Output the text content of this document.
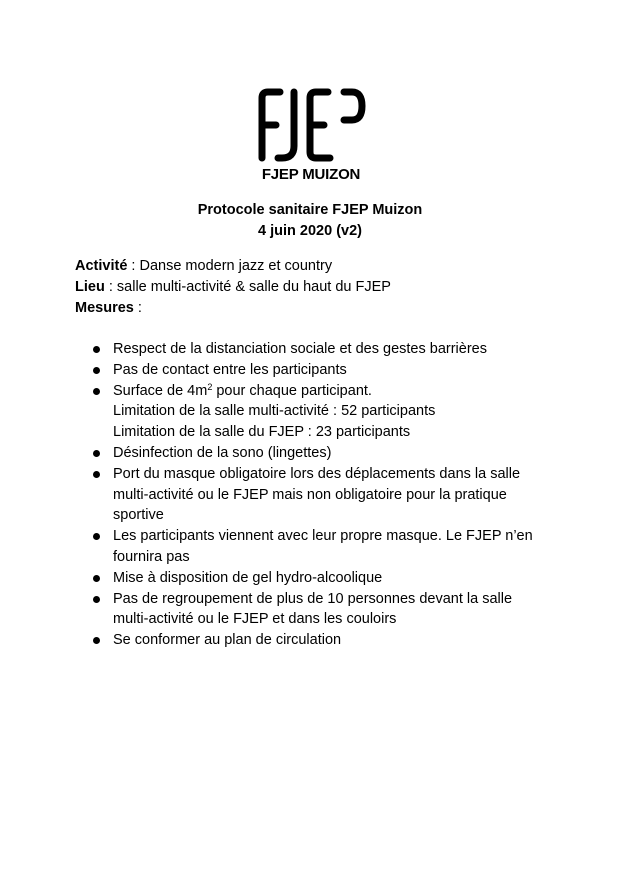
FJEP MUIZON
Protocole sanitaire FJEP Muizon
4 juin 2020 (v2)
Activité : Danse modern jazz et country
Lieu : salle multi-activité & salle du haut du FJEP
Mesures :
Respect de la distanciation sociale et des gestes barrières
Pas de contact entre les participants
Surface de $4m^2$ pour chaque participant.
Limitation de la salle multi-activité : 52 participants
Limitation de la salle du FJEP : 23 participants
Désinfection de la sono (lingettes)
Port du masque obligatoire lors des déplacements dans la salle multi-activité ou le FJEP mais non obligatoire pour la pratique sportive
Les participants viennent avec leur propre masque. Le FJEP n’en fournira pas
Mise à disposition de gel hydro-alcoolique
Pas de regroupement de plus de 10 personnes devant la salle multi-activité ou le FJEP et dans les couloirs
Se conformer au plan de circulation
